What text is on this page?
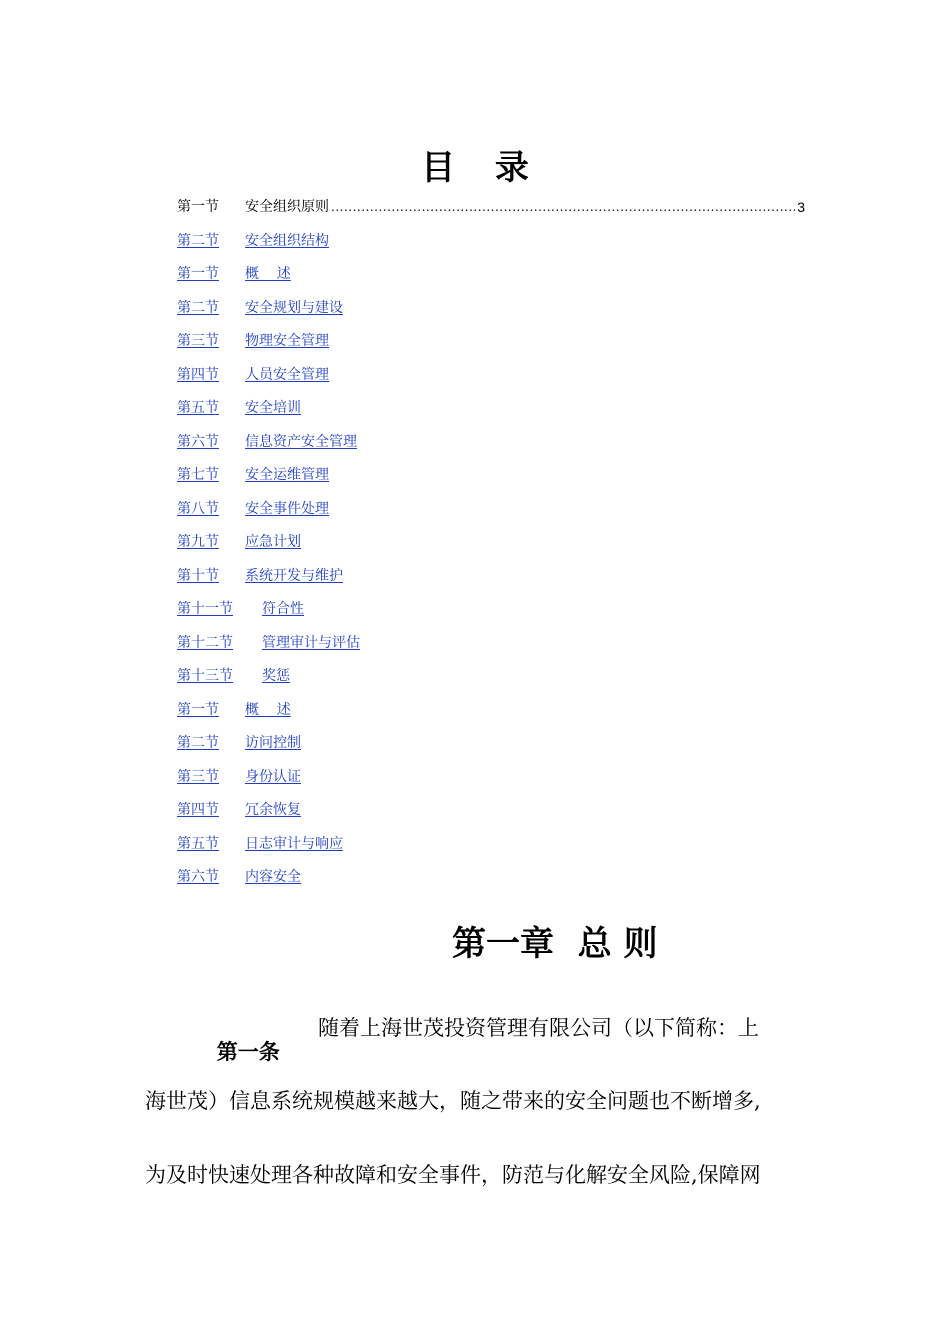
目 录
第一节	安全组织原则
.....	3
第二节 安全组织结构
第一节 概    述
第二节 安全规划与建设
第三节 物理安全管理
第四节 人员安全管理
第五节 安全培训
第六节 信息资产安全管理
第七节 安全运维管理
第八节 安全事件处理
第九节 应急计划
第十节 系统开发与维护
第十一节 符合性
第十二节 管理审计与评估
第十三节 奖惩
第一节 概    述
第二节 访问控制
第三节 身份认证
第四节 冗余恢复
第五节 日志审计与响应
第六节 内容安全
第一章  总 则

第一条

随着上海世茂投资管理有限公司（以下简称：上
海世茂）信息系统规模越来越大，随之带来的安全问题也不断增多,
为及时快速处理各种故障和安全事件，防范与化解安全风险,保障网
